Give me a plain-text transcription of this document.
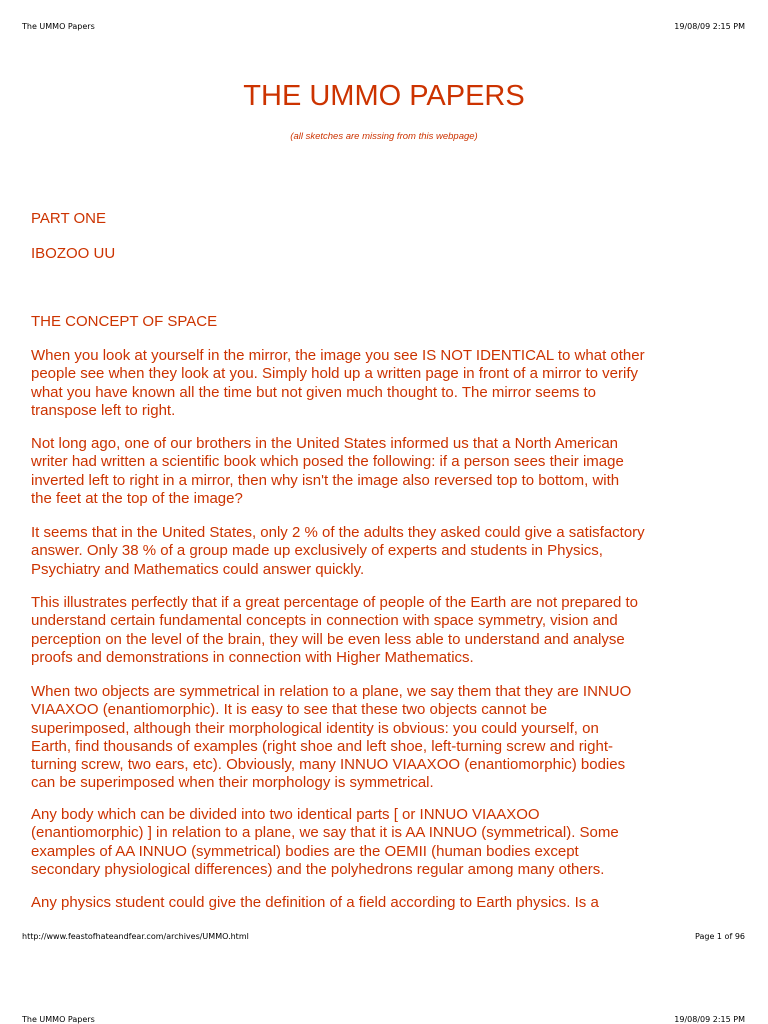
The UMMO Papers	19/08/09 2:15 PM
THE UMMO PAPERS
(all sketches are missing from this webpage)
PART ONE
IBOZOO UU
THE CONCEPT OF SPACE

When you look at yourself in the mirror, the image you see IS NOT IDENTICAL to what other
people see when they look at you. Simply hold up a written page in front of a mirror to verify
what you have known all the time but not given much thought to. The mirror seems to
transpose left to right.

Not long ago, one of our brothers in the United States informed us that a North American
writer had written a scientific book which posed the following: if a person sees their image
inverted left to right in a mirror, then why isn't the image also reversed top to bottom, with
the feet at the top of the image?

It seems that in the United States, only 2 % of the adults they asked could give a satisfactory
answer. Only 38 % of a group made up exclusively of experts and students in Physics,
Psychiatry and Mathematics could answer quickly.

This illustrates perfectly that if a great percentage of people of the Earth are not prepared to
understand certain fundamental concepts in connection with space symmetry, vision and
perception on the level of the brain, they will be even less able to understand and analyse
proofs and demonstrations in connection with Higher Mathematics.

When two objects are symmetrical in relation to a plane, we say them that they are INNUO
VIAAXOO (enantiomorphic). It is easy to see that these two objects cannot be
superimposed, although their morphological identity is obvious: you could yourself, on
Earth, find thousands of examples (right shoe and left shoe, left-turning screw and right-
turning screw, two ears, etc). Obviously, many INNUO VIAAXOO (enantiomorphic) bodies
can be superimposed when their morphology is symmetrical.

Any body which can be divided into two identical parts [ or INNUO VIAAXOO
(enantiomorphic) ] in relation to a plane, we say that it is AA INNUO (symmetrical). Some
examples of AA INNUO (symmetrical) bodies are the OEMII (human bodies except
secondary physiological differences) and the polyhedrons regular among many others.

Any physics student could give the definition of a field according to Earth physics. Is a

http://www.feastofhateandfear.com/archives/UMMO.html	Page 1 of 96
The UMMO Papers	19/08/09 2:15 PM
